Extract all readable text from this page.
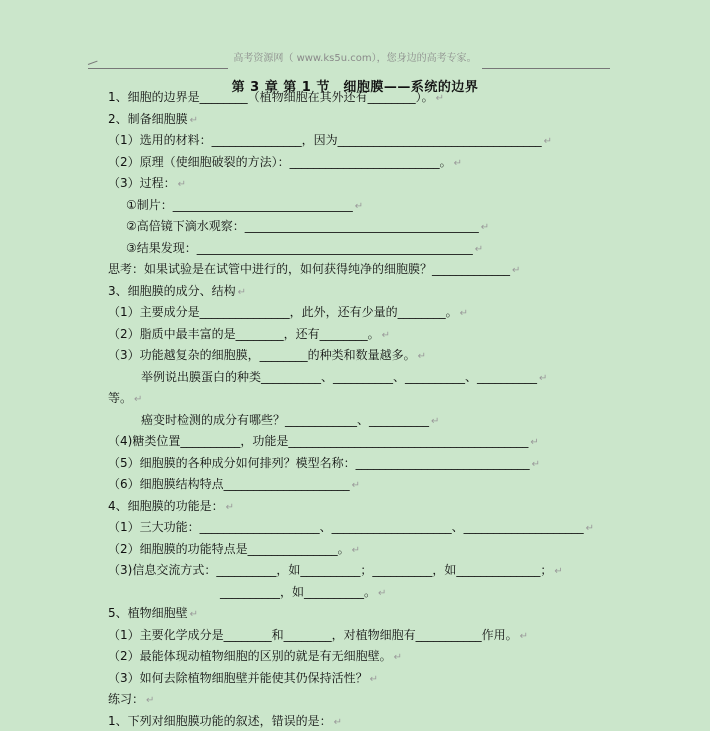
高考资源网（ www.ks5u.com），您身边的高考专家。
第 3 章 第 1 节　细胞膜——系统的边界
1、细胞的边界是________（植物细胞在其外还有________）。 ↵
2、制备细胞膜 ↵
（1）选用的材料：_______________，因为__________________________________ ↵
（2）原理（使细胞破裂的方法）：_________________________。 ↵
（3）过程： ↵
①制片：______________________________ ↵
②高倍镜下滴水观察：_______________________________________ ↵
③结果发现：______________________________________________ ↵
思考：如果试验是在试管中进行的，如何获得纯净的细胞膜？_____________ ↵
3、细胞膜的成分、结构 ↵
（1）主要成分是_______________，此外，还有少量的________。 ↵
（2）脂质中最丰富的是________，还有________。 ↵
（3）功能越复杂的细胞膜，________的种类和数量越多。 ↵
举例说出膜蛋白的种类__________、__________、__________、__________ ↵
等。 ↵
癌变时检测的成分有哪些？____________、__________ ↵
（4)糖类位置__________，功能是________________________________________ ↵
（5）细胞膜的各种成分如何排列？模型名称：_____________________________ ↵
（6）细胞膜结构特点_____________________ ↵
4、细胞膜的功能是： ↵
（1）三大功能：____________________、____________________、____________________ ↵
（2）细胞膜的功能特点是_______________。 ↵
（3)信息交流方式：__________，如__________；__________，如______________； ↵
__________，如__________。 ↵
5、植物细胞壁 ↵
（1）主要化学成分是________和________，对植物细胞有___________作用。 ↵
（2）最能体现动植物细胞的区别的就是有无细胞壁。 ↵
（3）如何去除植物细胞壁并能使其仍保持活性？ ↵
练习： ↵
1、下列对细胞膜功能的叙述，错误的是： ↵
